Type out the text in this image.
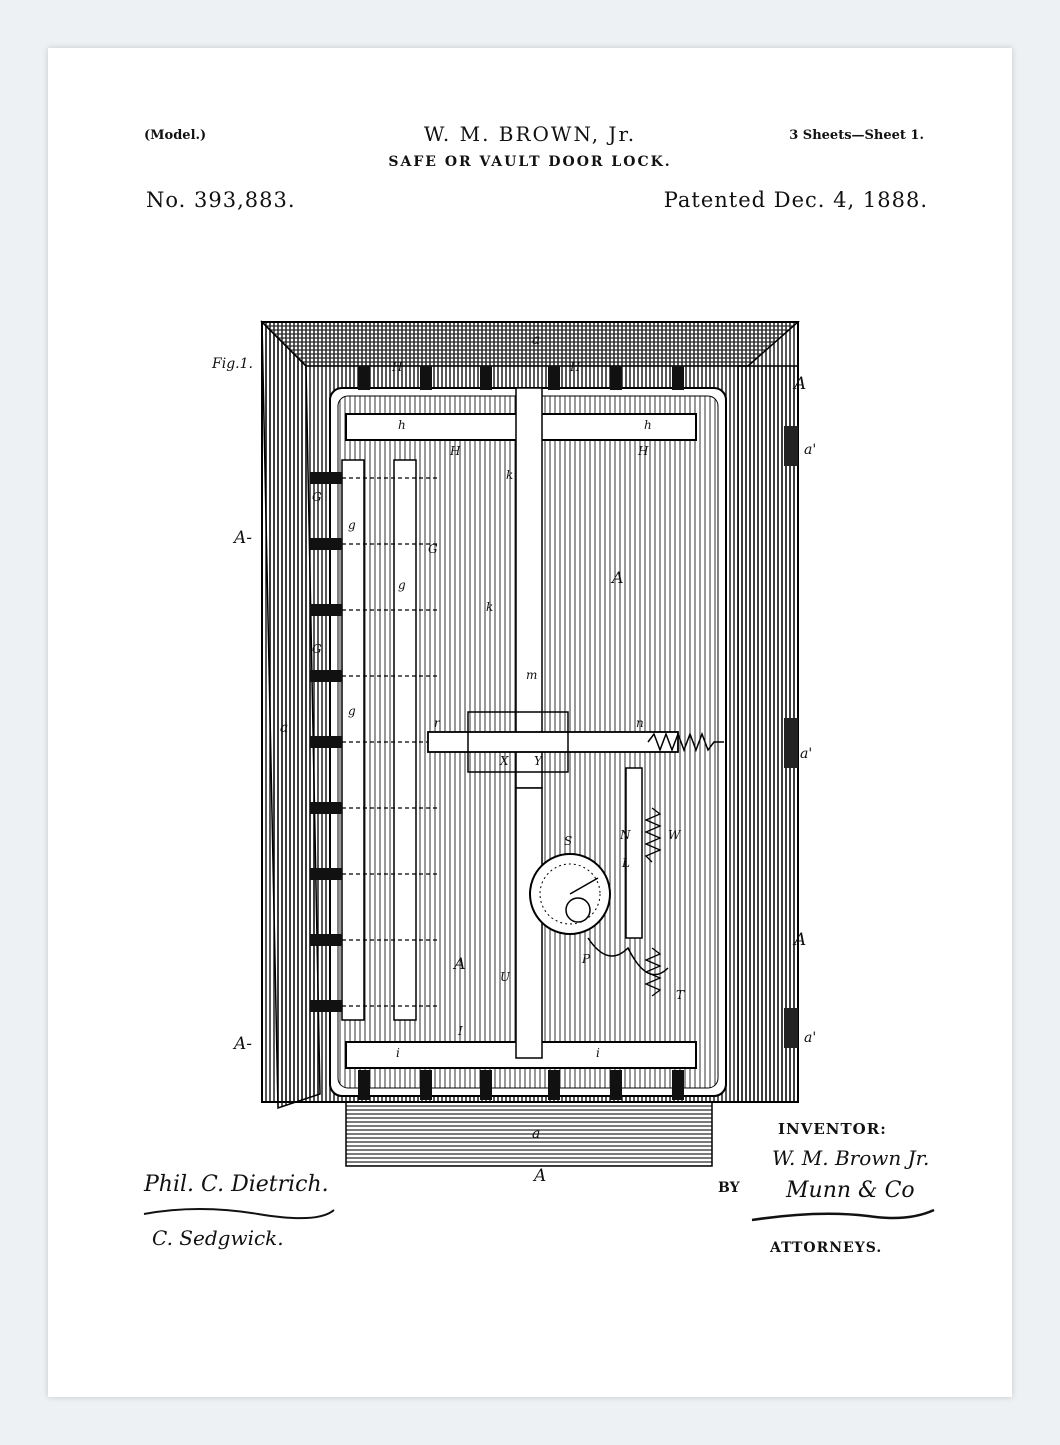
(Model.)	W. M. BROWN, Jr.	3 Sheets—Sheet 1.
SAFE OR VAULT DOOR LOCK.
No. 393,883.	Patented Dec. 4, 1888.
Fig.1.
a
a
a
A
A
A-
A-
A
A
A
a'
a'
a'
H	H
H	H
h	h
G
G
G
g
g
g
k
k
i	i
I
m
S	N	W
T
L
P
X Y
U
n
r
Phil. C. Dietrich.
C. Sedgwick.
INVENTOR:
W. M. Brown Jr.
BY Munn & Co
ATTORNEYS.
